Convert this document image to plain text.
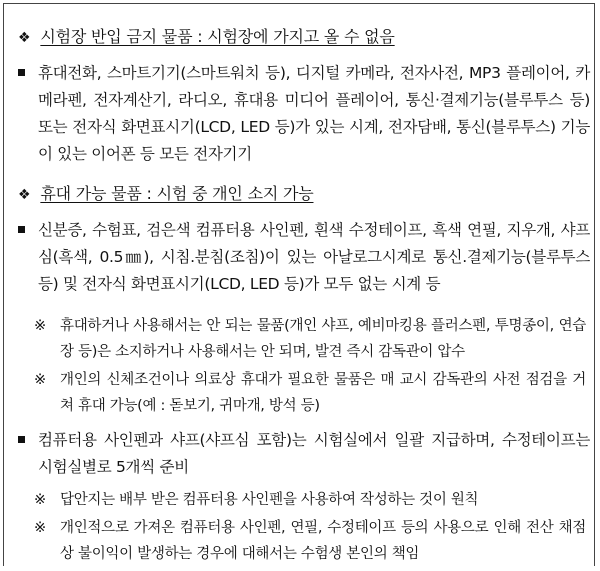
❖ 시험장 반입 금지 물품 : 시험장에 가지고 올 수 없음
휴대전화, 스마트기기(스마트워치 등), 디지털 카메라, 전자사전, MP3 플레이어, 카메라펜, 전자계산기, 라디오, 휴대용 미디어 플레이어, 통신·결제기능(블루투스 등) 또는 전자식 화면표시기(LCD, LED 등)가 있는 시계, 전자담배, 통신(블루투스) 기능이 있는 이어폰 등 모든 전자기기
❖ 휴대 가능 물품 : 시험 중 개인 소지 가능
신분증, 수험표, 검은색 컴퓨터용 사인펜, 흰색 수정테이프, 흑색 연필, 지우개, 샤프심(흑색, 0.5㎜), 시침.분침(조침)이 있는 아날로그시계로 통신.결제기능(블루투스 등) 및 전자식 화면표시기(LCD, LED 등)가 모두 없는 시계 등
※ 휴대하거나 사용해서는 안 되는 물품(개인 샤프, 예비마킹용 플러스펜, 투명종이, 연습장 등)은 소지하거나 사용해서는 안 되며, 발견 즉시 감독관이 압수
※ 개인의 신체조건이나 의료상 휴대가 필요한 물품은 매 교시 감독관의 사전 점검을 거쳐 휴대 가능(예 : 돋보기, 귀마개, 방석 등)
컴퓨터용 사인펜과 샤프(샤프심 포함)는 시험실에서 일괄 지급하며, 수정테이프는 시험실별로 5개씩 준비
※ 답안지는 배부 받은 컴퓨터용 사인펜을 사용하여 작성하는 것이 원칙
※ 개인적으로 가져온 컴퓨터용 사인펜, 연필, 수정테이프 등의 사용으로 인해 전산 채점상 불이익이 발생하는 경우에 대해서는 수험생 본인의 책임
